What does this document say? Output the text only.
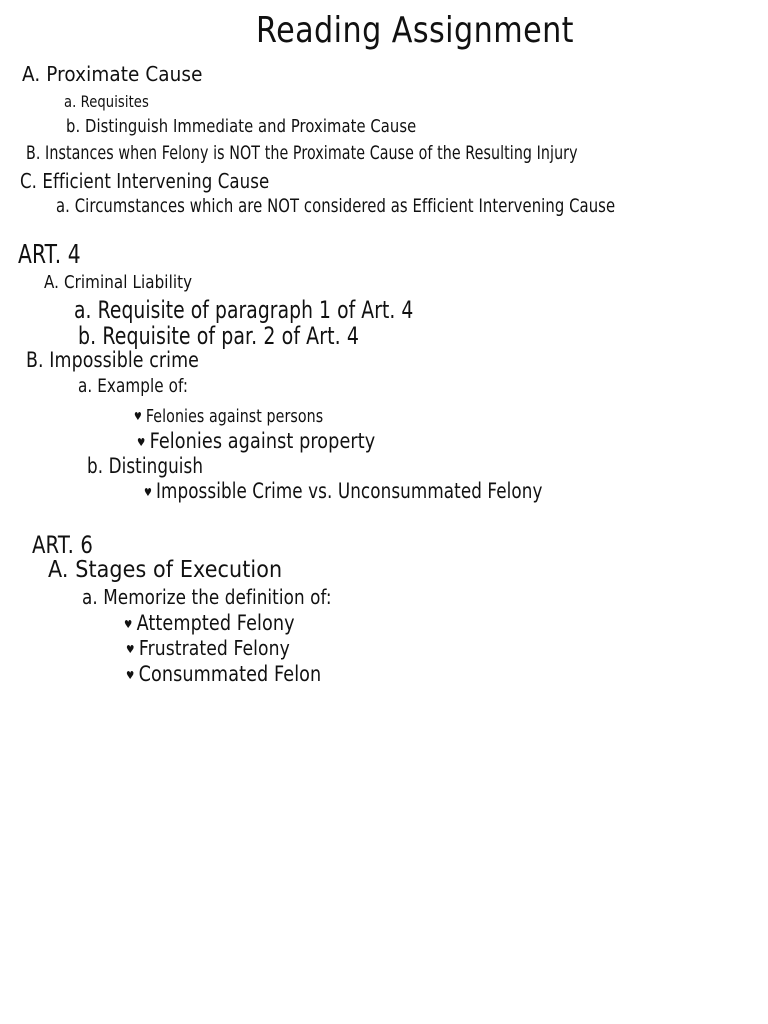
Reading Assignment
A. Proximate Cause
a. Requisites
b. Distinguish Immediate and Proximate Cause
B. Instances when Felony is NOT the Proximate Cause of the Resulting Injury
C. Efficient Intervening Cause
a. Circumstances which are NOT considered as Efficient Intervening Cause
ART. 4
A. Criminal Liability
a. Requisite of paragraph 1 of Art. 4
b. Requisite of par. 2 of Art. 4
B. Impossible crime
a. Example of:
♥ Felonies against persons
♥ Felonies against property
b. Distinguish
♥ Impossible Crime vs. Unconsummated Felony
ART. 6
A. Stages of Execution
a. Memorize the definition of:
♥ Attempted Felony
♥ Frustrated Felony
♥ Consummated Felon
